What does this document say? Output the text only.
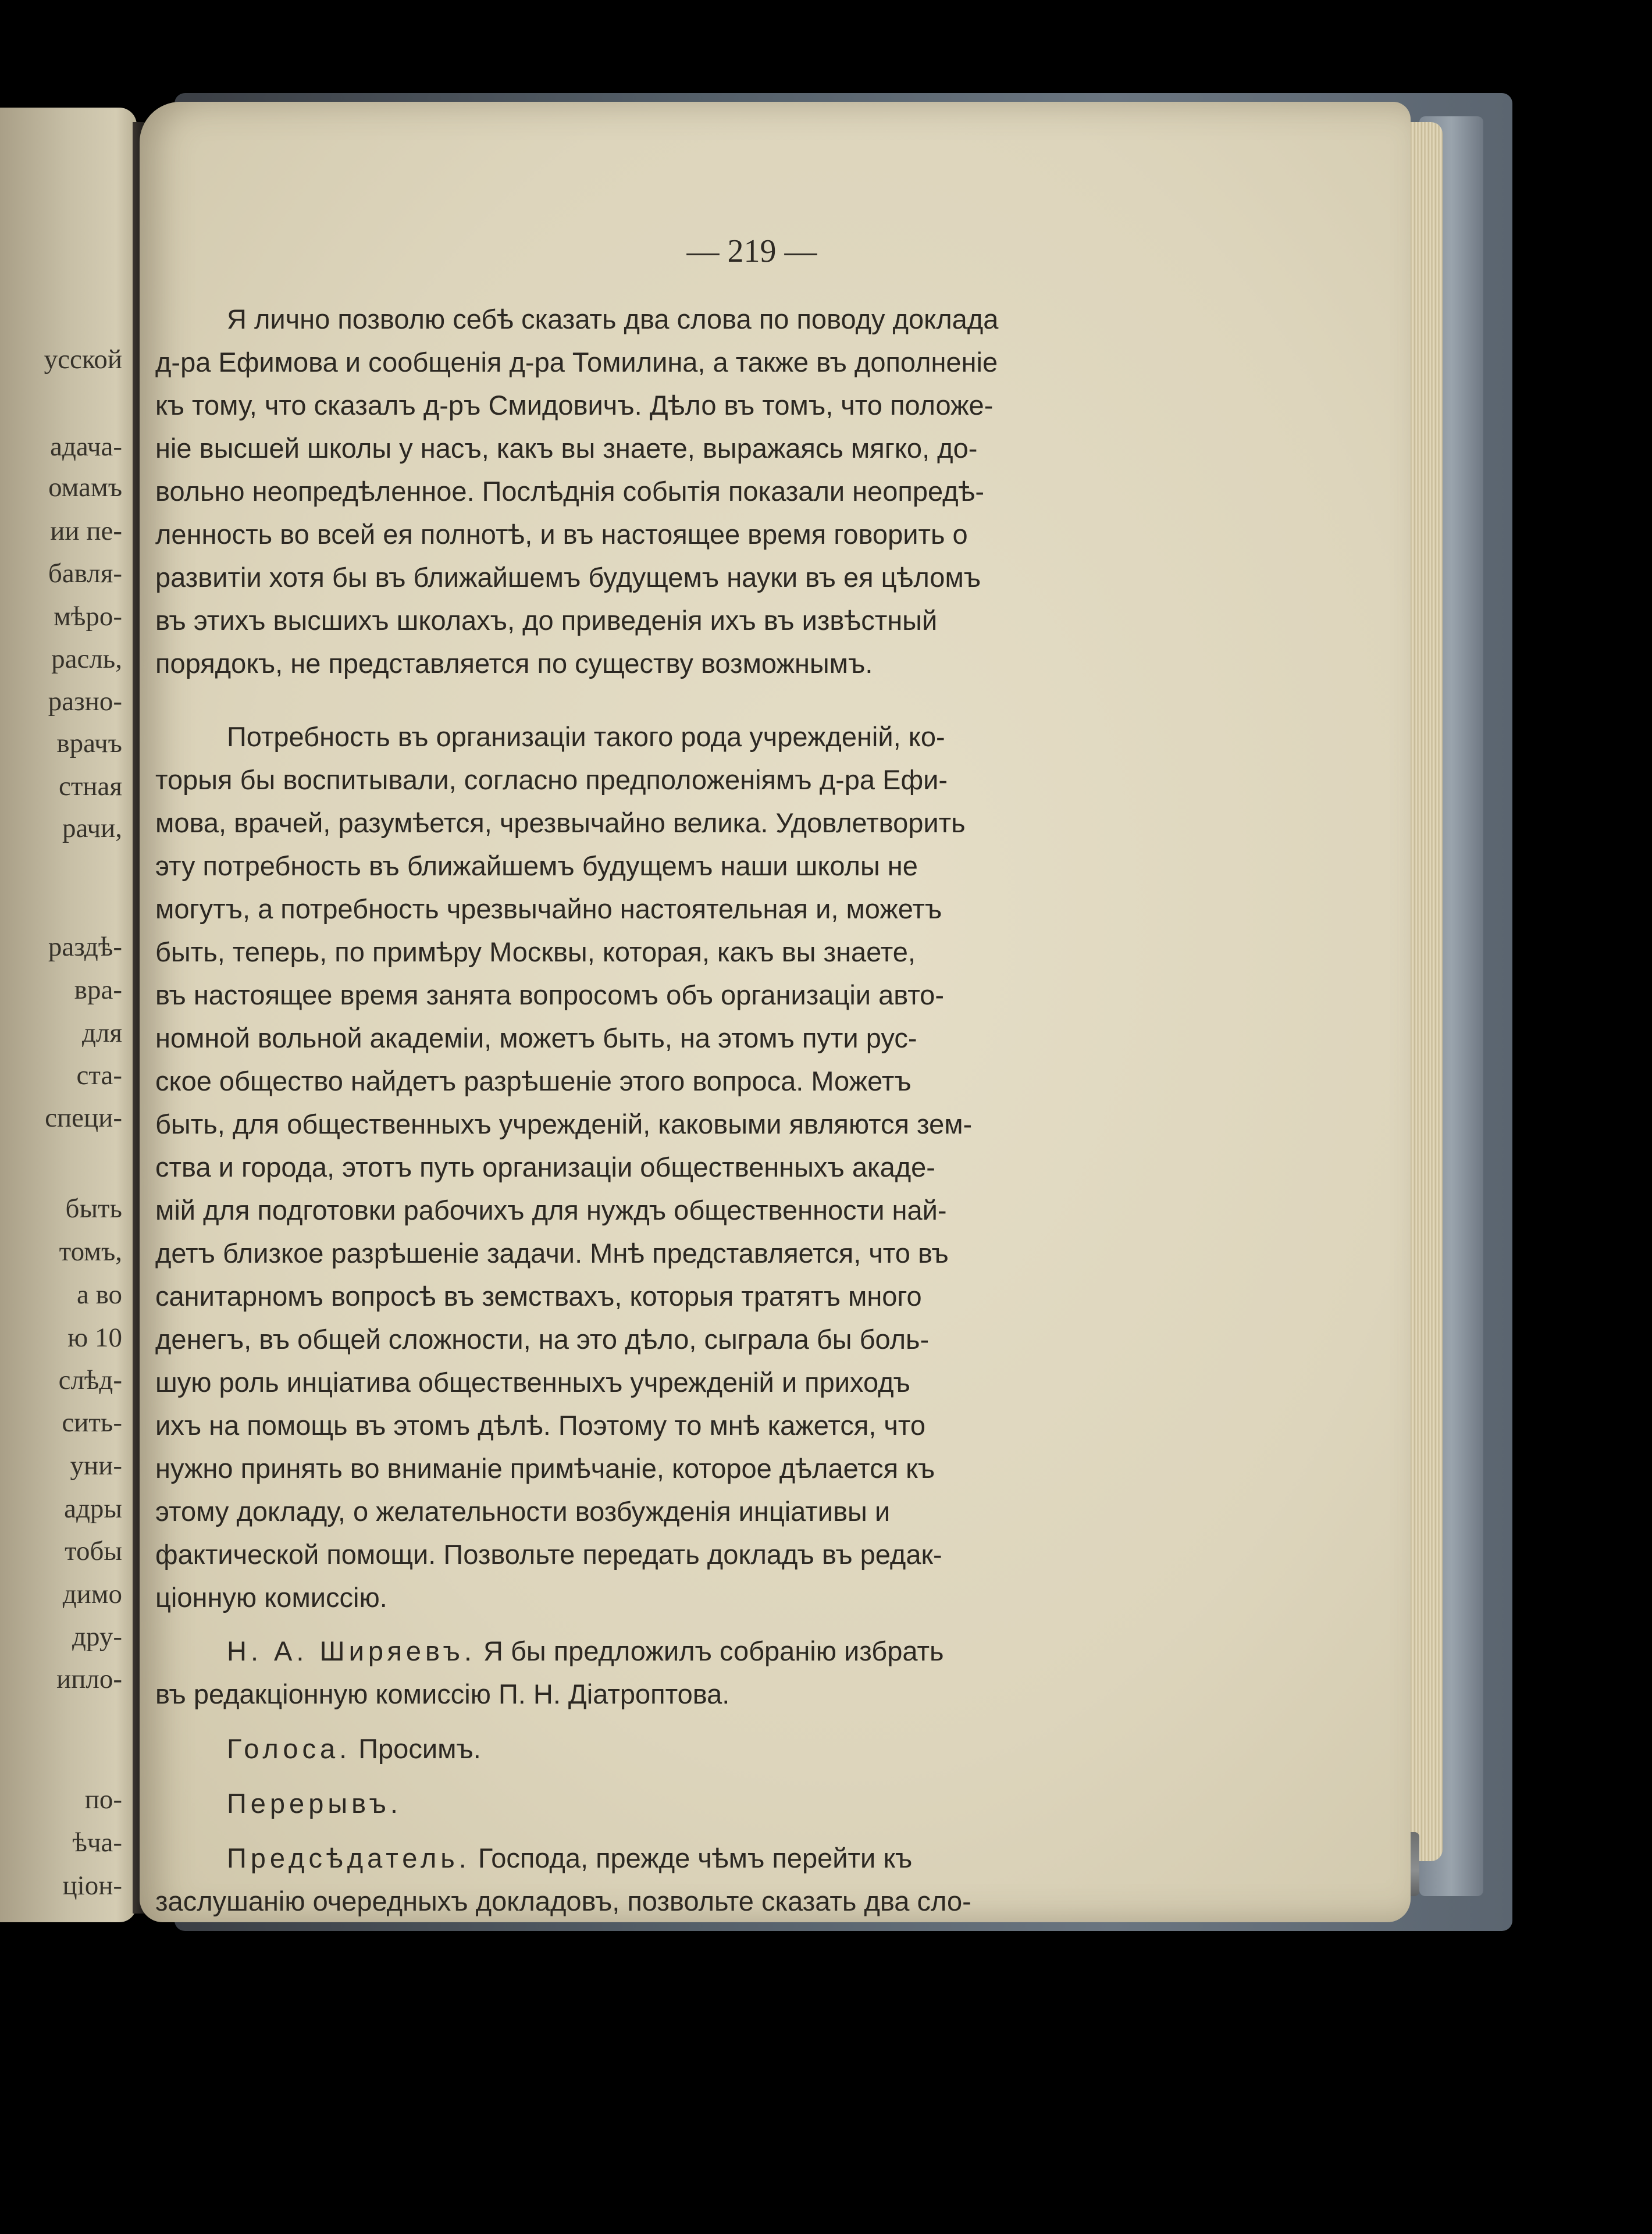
усской
адача-
омамъ
ии пе-
бавля-
мѣро-
расль,
разно-
врачъ
стная
рачи,
раздѣ-
вра-
для
ста-
специ-
быть
томъ,
а во
ю 10
слѣд-
сить-
уни-
адры
тобы
димо
дру-
ипло-
по-
ѣча-
ціон-
— 219 —
Я лично позволю себѣ сказать два слова по поводу доклада
д-ра Ефимова и сообщенія д-ра Томилина, а также въ дополненіе
къ тому, что сказалъ д-ръ Смидовичъ. Дѣло въ томъ, что положе-
ніе высшей школы у насъ, какъ вы знаете, выражаясь мягко, до-
вольно неопредѣленное. Послѣднія событія показали неопредѣ-
ленность во всей ея полнотѣ, и въ настоящее время говорить о
развитіи хотя бы въ ближайшемъ будущемъ науки въ ея цѣломъ
въ этихъ высшихъ школахъ, до приведенія ихъ въ извѣстный
порядокъ, не представляется по существу возможнымъ.
Потребность въ организаціи такого рода учрежденій, ко-
торыя бы воспитывали, согласно предположеніямъ д-ра Ефи-
мова, врачей, разумѣется, чрезвычайно велика. Удовлетворить
эту потребность въ ближайшемъ будущемъ наши школы не
могутъ, а потребность чрезвычайно настоятельная и, можетъ
быть, теперь, по примѣру Москвы, которая, какъ вы знаете,
въ настоящее время занята вопросомъ объ организаціи авто-
номной вольной академіи, можетъ быть, на этомъ пути рус-
ское общество найдетъ разрѣшеніе этого вопроса. Можетъ
быть, для общественныхъ учрежденій, каковыми являются зем-
ства и города, этотъ путь организаціи общественныхъ акаде-
мій для подготовки рабочихъ для нуждъ общественности най-
детъ близкое разрѣшеніе задачи. Мнѣ представляется, что въ
санитарномъ вопросѣ въ земствахъ, которыя тратятъ много
денегъ, въ общей сложности, на это дѣло, сыграла бы боль-
шую роль инціатива общественныхъ учрежденій и приходъ
ихъ на помощь въ этомъ дѣлѣ. Поэтому то мнѣ кажется, что
нужно принять во вниманіе примѣчаніе, которое дѣлается къ
этому докладу, о желательности возбужденія инціативы и
фактической помощи. Позвольте передать докладъ въ редак-
ціонную комиссію.
Н. А. Ширяевъ. Я бы предложилъ собранію избрать
въ редакціонную комиссію П. Н. Діатроптова.
Голоса. Просимъ.
Перерывъ.
Предсѣдатель. Господа, прежде чѣмъ перейти къ
заслушанію очередныхъ докладовъ, позвольте сказать два сло-
